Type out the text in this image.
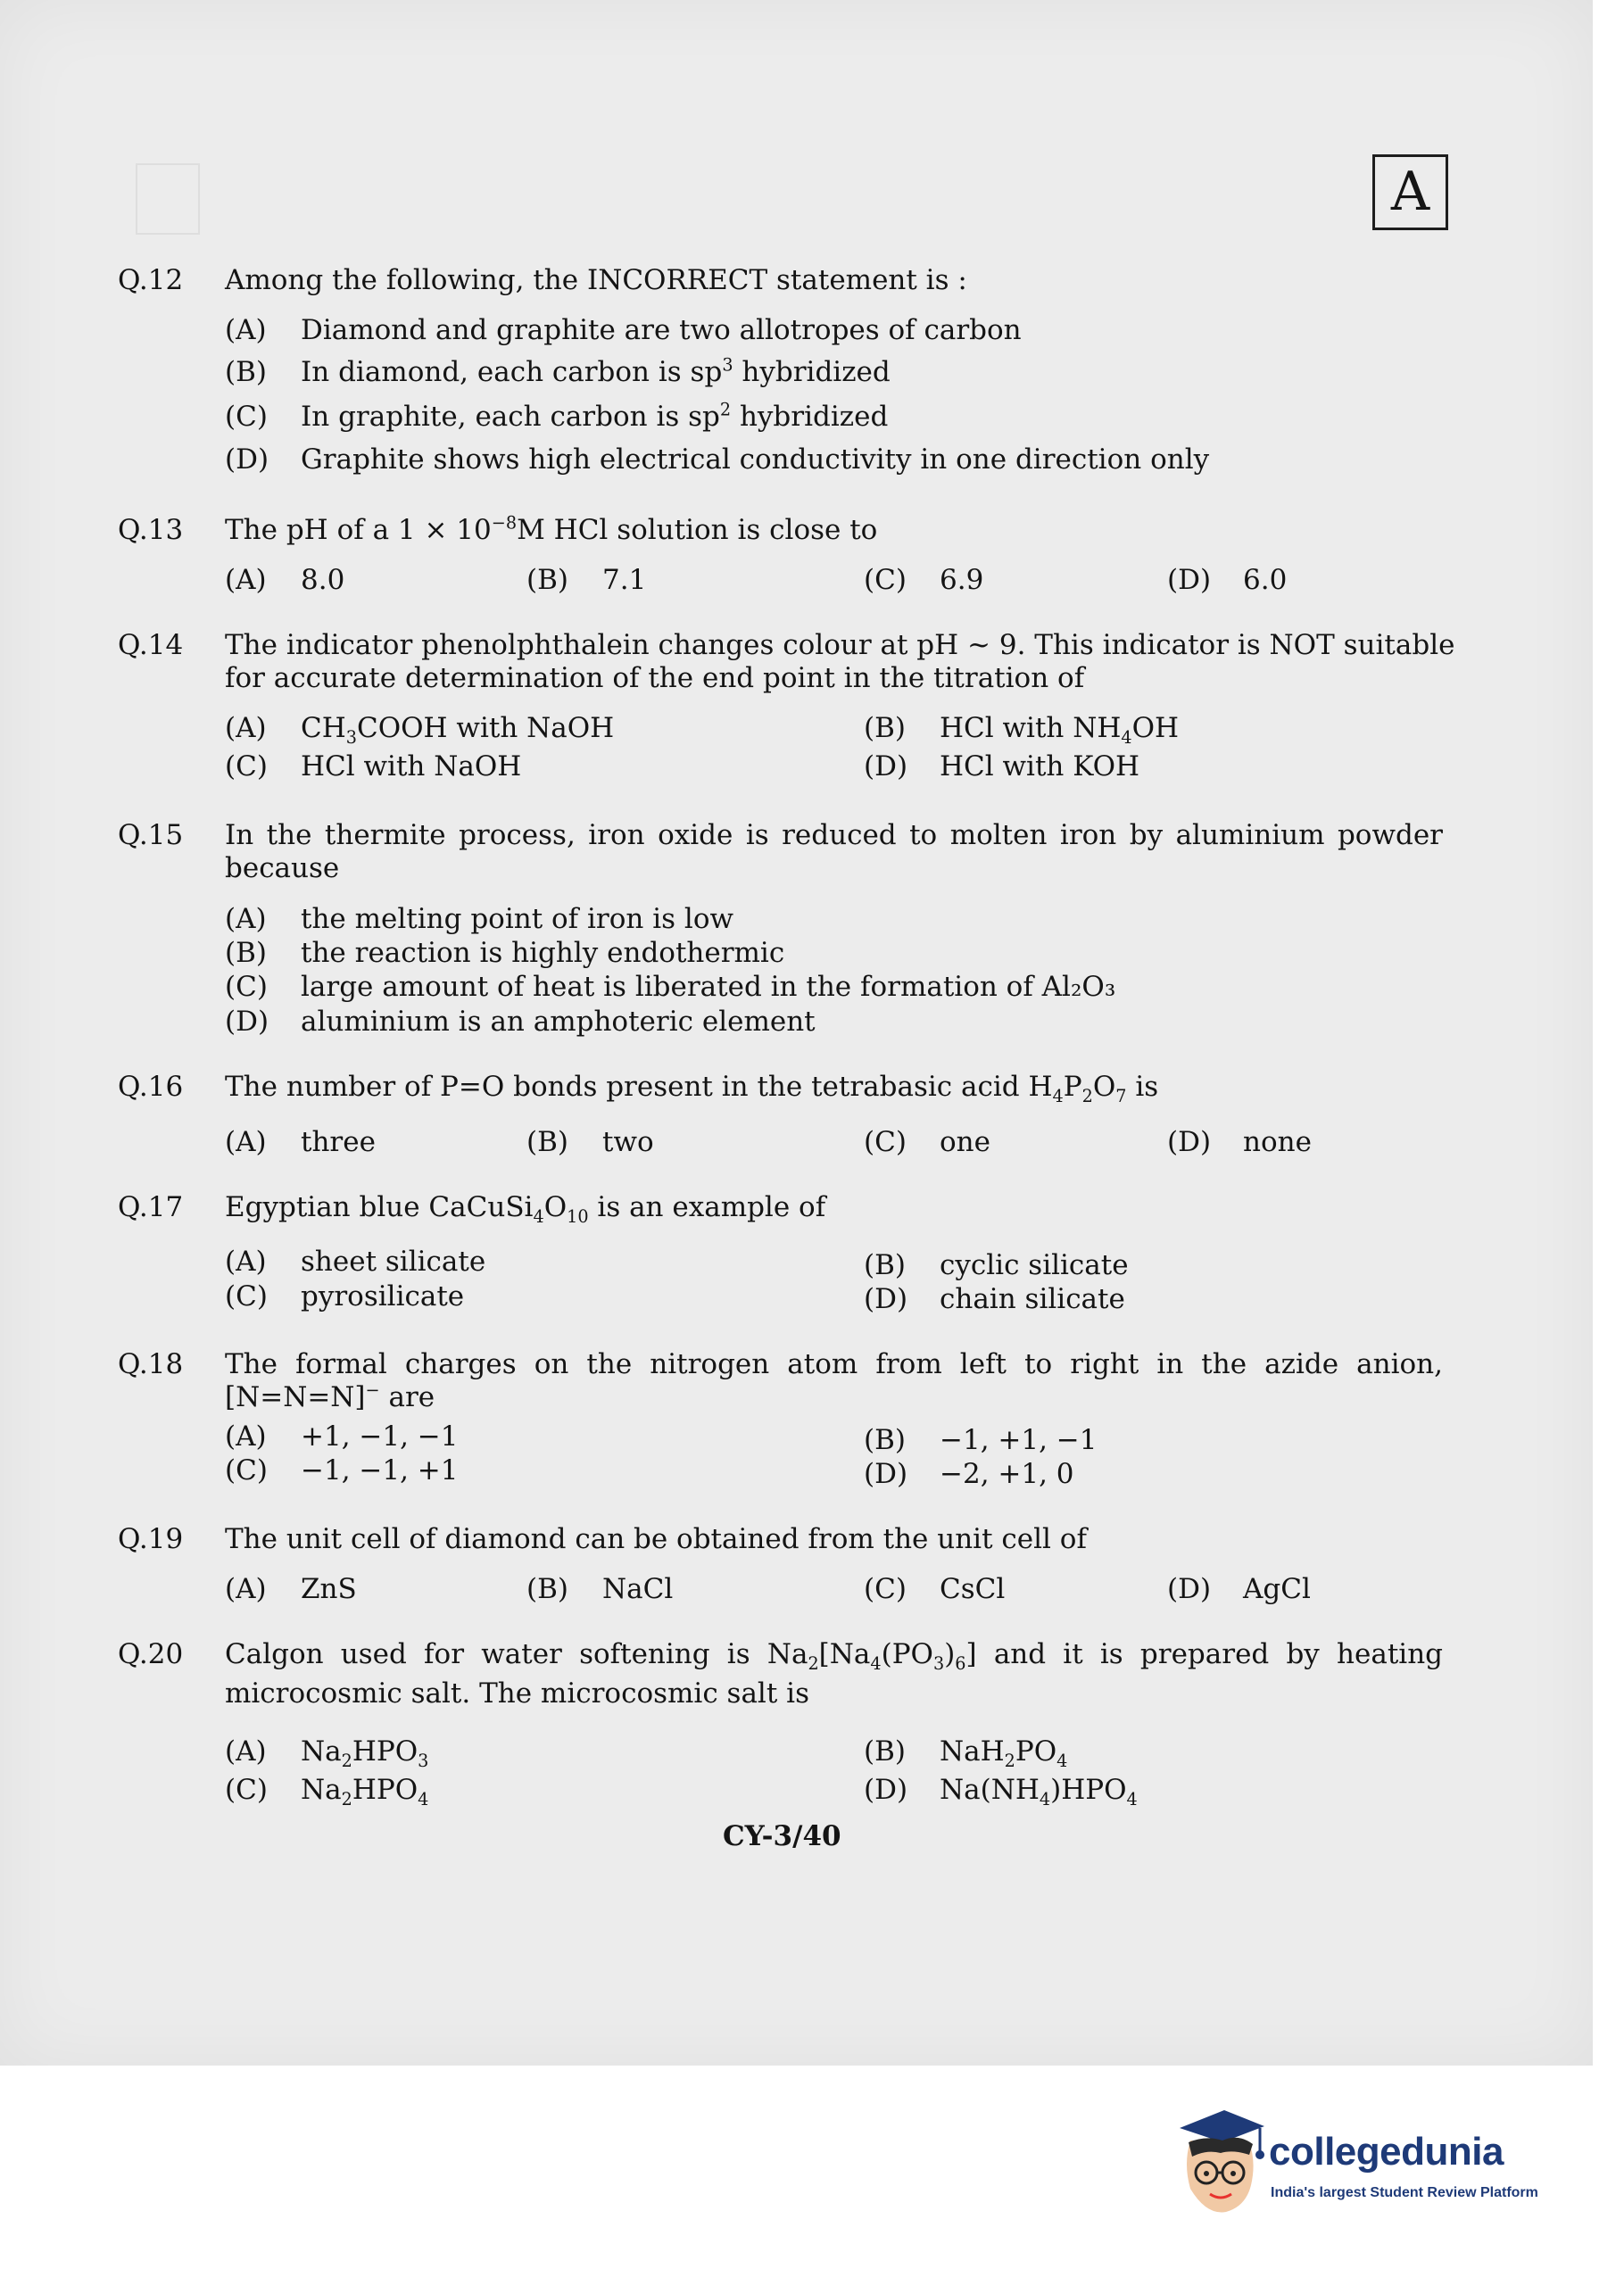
A
Q.12 Among the following, the INCORRECT statement is :
(A) Diamond and graphite are two allotropes of carbon
(B) In diamond, each carbon is $sp^3$ hybridized
(C) In graphite, each carbon is $sp^2$ hybridized
(D) Graphite shows high electrical conductivity in one direction only
Q.13 The pH of a $1 \times 10^{-8}M$ HCl solution is close to
(A) 8.0	(B) 7.1	(C) 6.9	(D) 6.0
Q.14 The indicator phenolphthalein changes colour at pH ~ 9. This indicator is NOT suitable
for accurate determination of the end point in the titration of
(A) $CH_3COOH$ with NaOH	(B) HCl with $NH_4OH$
(C) HCl with NaOH	(D) HCl with KOH
Q.15 In the thermite process, iron oxide is reduced to molten iron by aluminium powder
because
(A) the melting point of iron is low
(B) the reaction is highly endothermic
(C) large amount of heat is liberated in the formation of Al₂O₃
(D) aluminium is an amphoteric element
Q.16 The number of P=O bonds present in the tetrabasic acid $H_4P_2O_7$ is
(A) three	(B) two	(C) one	(D) none
Q.17 Egyptian blue $CaCuSi_4O_{10}$ is an example of
(A) sheet silicate	(B) cyclic silicate
(C) pyrosilicate	(D) chain silicate
Q.18 The formal charges on the nitrogen atom from left to right in the azide anion,
[N=N=N]− are
(A) +1, −1, −1	(B) −1, +1, −1
(C) −1, −1, +1	(D) −2, +1, 0
Q.19 The unit cell of diamond can be obtained from the unit cell of
(A) ZnS	(B) NaCl	(C) CsCl	(D) AgCl
Q.20 Calgon used for water softening is $Na_2[Na_4(PO_3)_6]$ and it is prepared by heating
microcosmic salt. The microcosmic salt is
(A) $Na_2HPO_3$	(B) $NaH_2PO_4$
(C) $Na_2HPO_4$	(D) $Na(NH_4)HPO_4$
CY-3/40
collegedunia
India's largest Student Review Platform
